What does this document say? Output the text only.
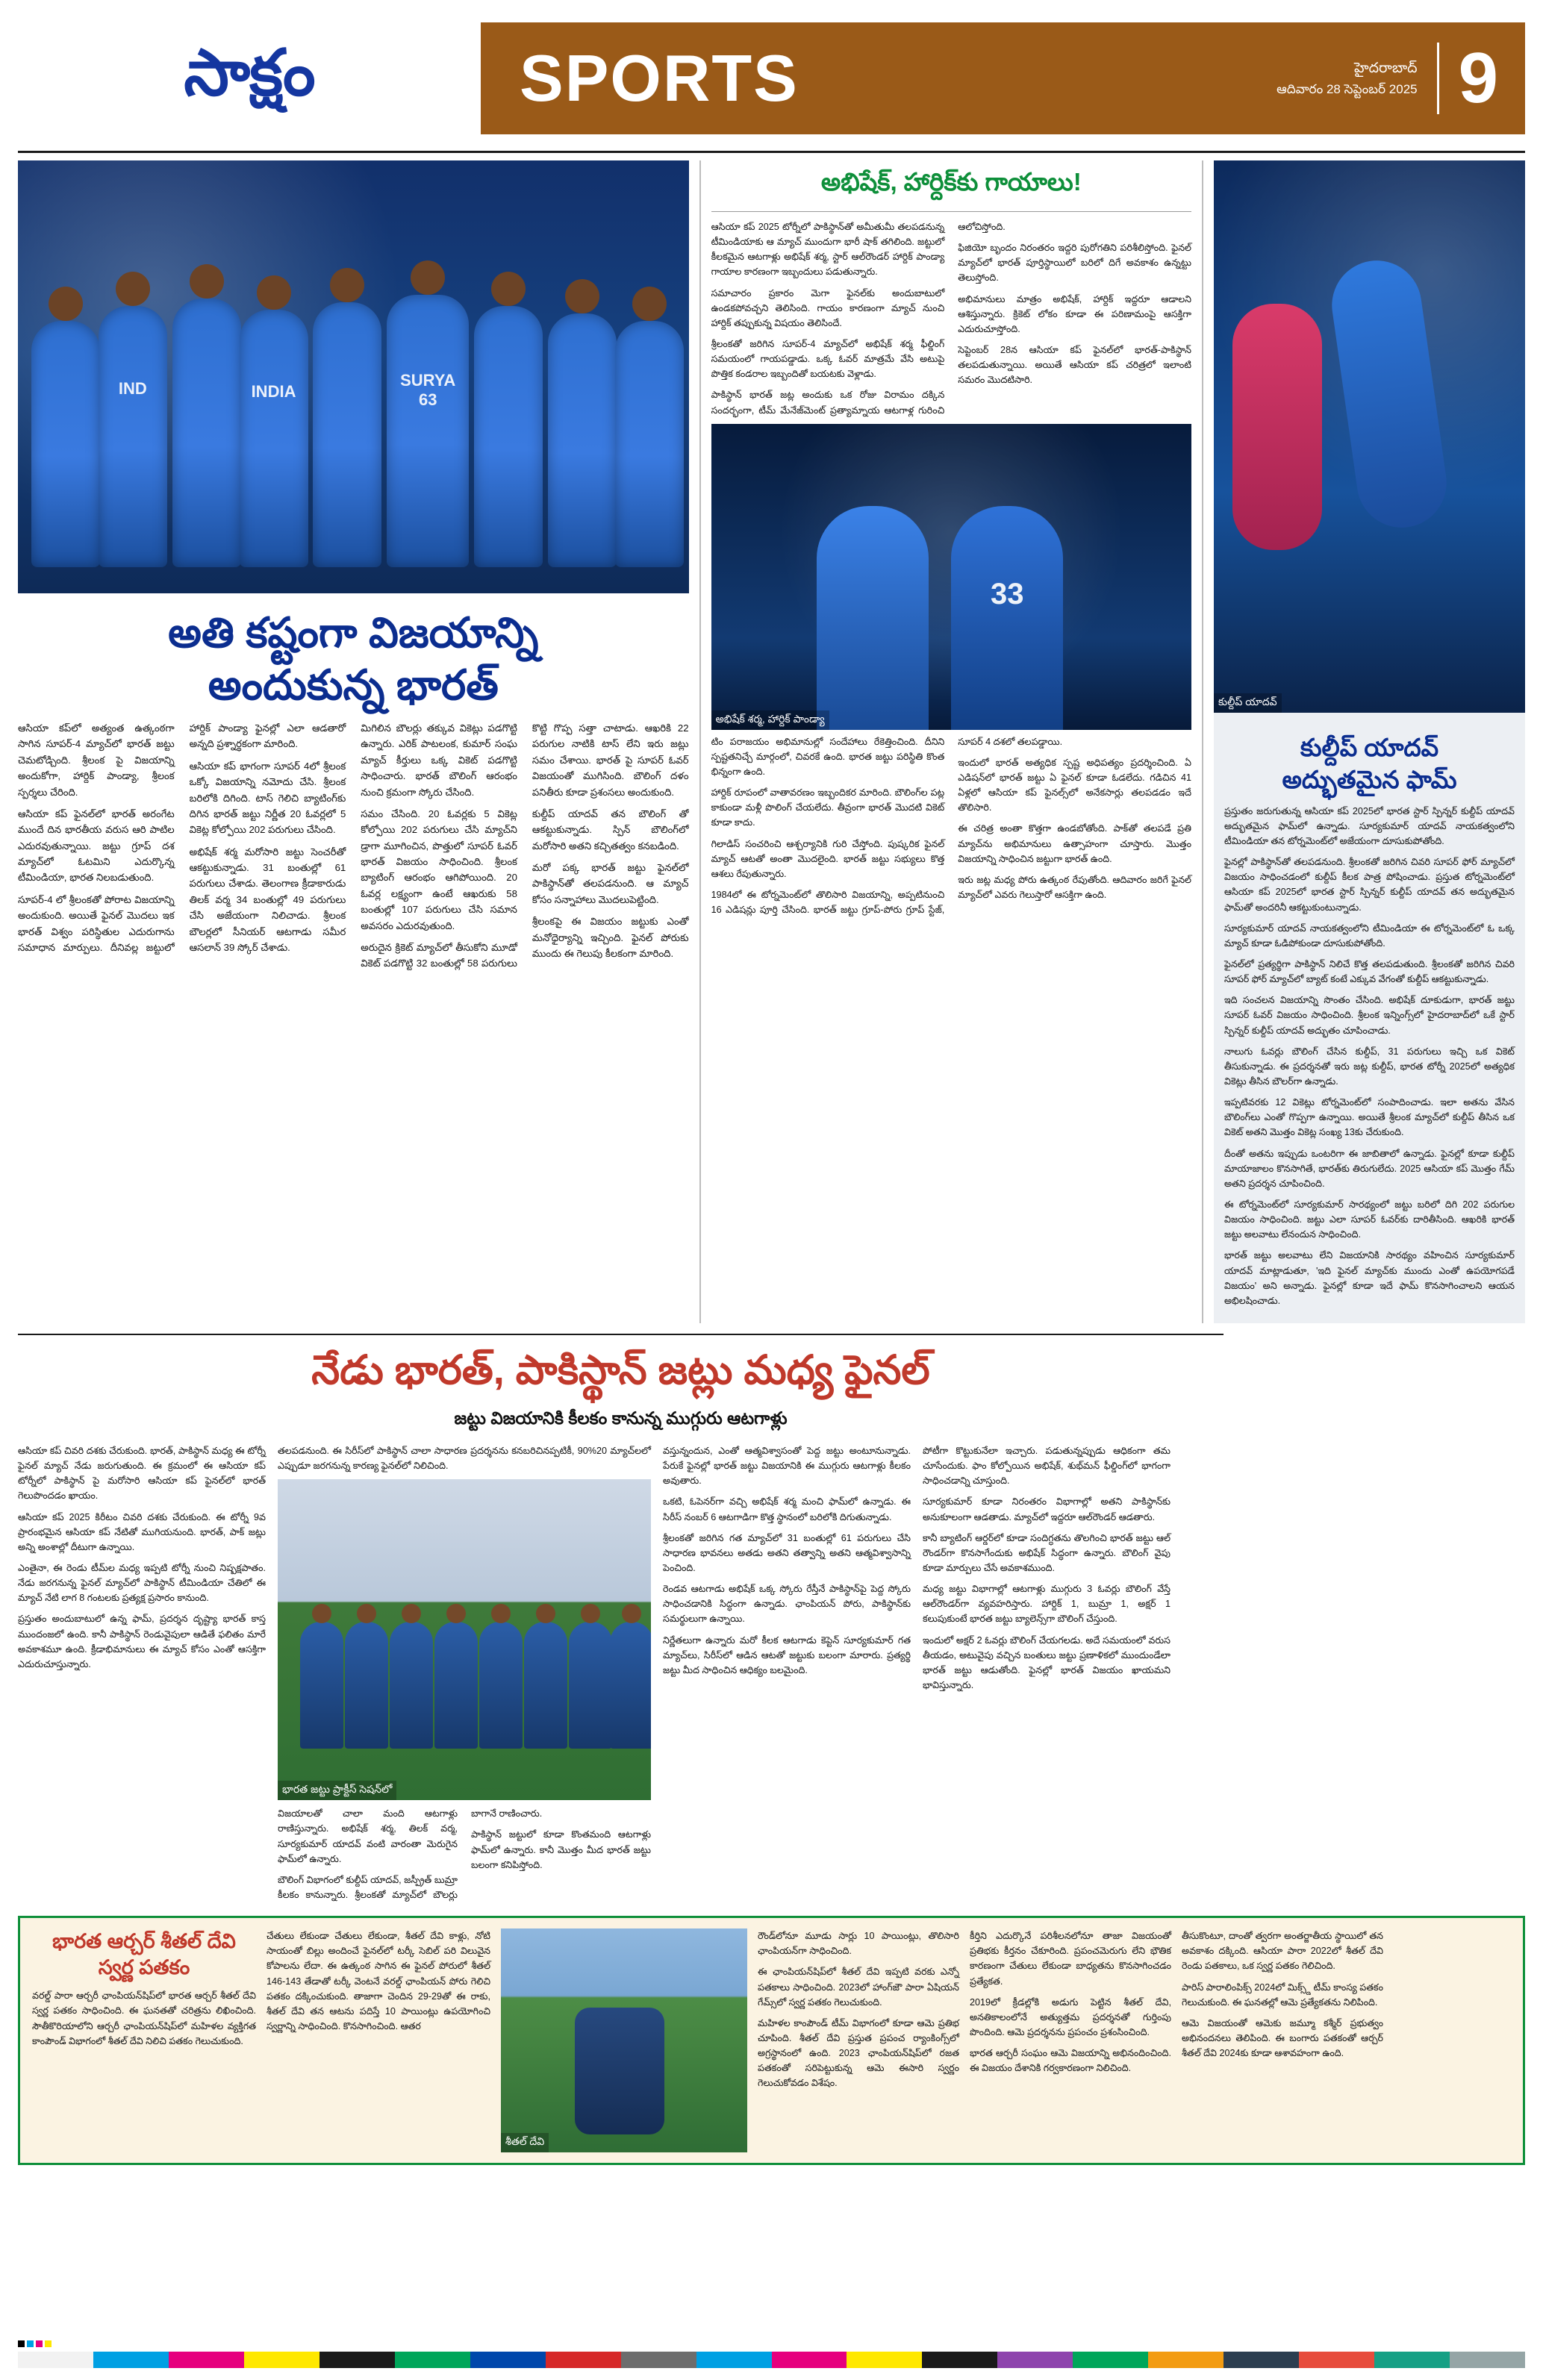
సాక్షం	SPORTS	హైదరాబాద్
ఆదివారం 28 సెప్టెంబర్ 2025 9
IND	INDIA
SURYA
63
అతి కష్టంగా విజయాన్ని
అందుకున్న భారత్

ఆసియా కప్‌లో అత్యంత ఉత్కంఠగా సాగిన సూపర్‌-4 మ్యాచ్‌లో భారత్ జట్టు చెమటోడ్చింది. శ్రీలంక పై విజయాన్ని అందుకోగా, హార్దిక్ పాండ్యా, శ్రీలంక స్పర్శలు చేరింది.

ఆసియా కప్ ఫైనల్‌లో భారత్ అరంగేట ముందే దిన భారతీయ వరుస ఆరి పాటిల ఎదురవుతున్నాయి. జట్టు గ్రూప్ దశ మ్యాచ్‌లో ఓటమిని ఎదుర్కొన్న టీమిండియా, భారత నిలబడుతుంది.

సూపర్‌-4 లో శ్రీలంకతో పోరాట విజయాన్ని అందుకుంది. అయితే ఫైనల్ మొదలు ఇక భారత్ విశ్వం పరిస్థితుల ఎదురుగాను సమాధాన మార్పులు. దీనివల్ల జట్టులో హార్దిక్ పాండ్యా ఫైనల్లో ఎలా ఆడతారో అన్నది ప్రశ్నార్థకంగా మారింది.

ఆసియా కప్ భాగంగా సూపర్‌ 4లో శ్రీలంక ఒక్కో విజయాన్ని నమోదు చేసి. శ్రీలంక బరిలోకి దిగింది. టాస్ గెలిచి బ్యాటింగ్‌కు దిగిన భారత్ జట్టు నిర్ణీత 20 ఓవర్లలో 5 వికెట్ల కోల్పోయి 202 పరుగులు చేసింది.

అభిషేక్ శర్మ మరోసారి జట్టు సెంచరీతో ఆకట్టుకున్నాడు. 31 బంతుల్లో 61 పరుగులు చేశాడు. తెలంగాణ క్రీడాకారుడు తిలక్ వర్మ 34 బంతుల్లో 49 పరుగులు చేసి అజేయంగా నిలిచాడు. శ్రీలంక బౌలర్లలో సీనియర్ ఆటగాడు సమీర ఆసలాన్ 39 స్కోర్ చేశాడు.

మిగిలిన బౌలర్లు తక్కువ వికెట్లు పడగొట్టి ఉన్నారు. ఎరిక్ పాటలంక, కుమార్ సంఘ మ్యాచ్ కీర్తులు ఒక్క వికెట్ పడగొట్టి సాధించారు. భారత్ బౌలింగ్ ఆరంభం నుంచి క్రమంగా స్కోరు చేసింది.

సమం చేసింది. 20 ఓవర్లకు 5 వికెట్ల కోల్పోయి 202 పరుగులు చేసి మ్యాచ్‌ని డ్రాగా మూగించిన, పొత్తులో సూపర్ ఓవర్ భారత్ విజయం సాధించింది. శ్రీలంక బ్యాటింగ్ ఆరంభం ఆగిపోయింది. 20 ఓవర్ల లక్ష్యంగా ఉంటే ఆఖరుకు 58 బంతుల్లో 107 పరుగులు చేసి సమాన అవసరం ఎదురవుతుంది.

అరుదైన క్రికెట్ మ్యాచ్‌లో తీసుకోని మూడో వికెట్ పడగొట్టి 32 బంతుల్లో 58 పరుగులు కొట్టి గొప్ప సత్తా చాటాడు. ఆఖరికి 22 పరుగుల నాటికి టాస్ లేని ఇరు జట్లు సమం చేశాయి. భారత్ పై సూపర్ ఓవర్ విజయంతో ముగిసింది. బౌలింగ్ దళం పనితీరు కూడా ప్రశంసలు అందుకుంది.

కుల్దీప్ యాదవ్ తన బౌలింగ్ తో ఆకట్టుకున్నాడు. స్పిన్ బౌలింగ్‌లో మరోసారి అతని కచ్చితత్వం కనబడింది.

మరో పక్క భారత్ జట్టు ఫైనల్‌లో పాకిస్థాన్‌తో తలపడనుంది. ఆ మ్యాచ్ కోసం సన్నాహాలు మొదలుపెట్టింది.

శ్రీలంకపై ఈ విజయం జట్టుకు ఎంతో మనోధైర్యాన్ని ఇచ్చింది. ఫైనల్ పోరుకు ముందు ఈ గెలుపు కీలకంగా మారింది.

అభిషేక్, హార్దిక్‌కు గాయాలు!

ఆసియా కప్ 2025 టోర్నీలో పాకిస్థాన్‌తో అమీతుమీ తలపడనున్న టీమిండియాకు ఆ మ్యాచ్ ముందుగా భారీ షాక్ తగిలింది. జట్టులో కీలకమైన ఆటగాళ్లు అభిషేక్ శర్మ, స్టార్ ఆల్‌రౌండర్ హార్దిక్ పాండ్యా గాయాల కారణంగా ఇబ్బందులు పడుతున్నారు.

సమాచారం ప్రకారం మెగా ఫైనల్‌కు అందుబాటులో ఉండకపోవచ్చని తెలిసింది. గాయం కారణంగా మ్యాచ్ నుంచి హార్దిక్ తప్పుకున్న విషయం తెలిసిందే.

శ్రీలంకతో జరిగిన సూపర్‌-4 మ్యాచ్‌లో అభిషేక్ శర్మ ఫీల్డింగ్ సమయంలో గాయపడ్డాడు. ఒక్క ఓవర్ మాత్రమే వేసి అటుపై పొత్తిక కండరాల ఇబ్బందితో బయటకు వెళ్లాడు.

పాకిస్థాన్ భారత్ జట్ల అందుకు ఒక రోజు విరామం దక్కిన సందర్భంగా, టీమ్ మేనేజ్‌మెంట్ ప్రత్యామ్నాయ ఆటగాళ్ల గురించి ఆలోచిస్తోంది.

ఫిజియో బృందం నిరంతరం ఇద్దరి పురోగతిని పరిశీలిస్తోంది. ఫైనల్ మ్యాచ్‌లో భారత్ పూర్తిస్థాయిలో బరిలో దిగే అవకాశం ఉన్నట్టు తెలుస్తోంది.

అభిమానులు మాత్రం అభిషేక్, హార్దిక్ ఇద్దరూ ఆడాలని ఆశిస్తున్నారు. క్రికెట్ లోకం కూడా ఈ పరిణామంపై ఆసక్తిగా ఎదురుచూస్తోంది.

సెప్టెంబర్ 28న ఆసియా కప్ ఫైనల్‌లో భారత్‌-పాకిస్థాన్ తలపడుతున్నాయి. అయితే ఆసియా కప్ చరిత్రలో ఇలాంటి సమరం మొదటిసారి.

33
అభిషేక్ శర్మ, హార్దిక్ పాండ్యా

టిం పరాజయం అభిమానుల్లో సందేహాలు రేకెత్తించింది. దీనిని స్పష్టతనిచ్చే మార్గంలో, చివరకే ఉంది. భారత జట్టు పరిస్థితి కొంత భిన్నంగా ఉంది.

హార్దిక్ రూపంలో వాతావరణం ఇబ్బందికర మారింది. బౌలింగ్‌ల పట్ల కాకుండా మళ్లీ పొలింగ్ చేయలేదు. తీవ్రంగా భారత్ మొదటి వికెట్ కూడా కాదు.

గిలాడిస్ సంచరించి ఆశ్చర్యానికి గురి చేస్తోంది. పుష్కరిక ఫైనల్ మ్యాచ్ ఆటతో అంతా మొదలైంది. భారత్ జట్టు సభ్యులు కొత్త ఆశలు రేపుతున్నారు.

1984లో ఈ టోర్నమెంట్‌లో తొలిసారి విజయాన్ని, అప్పటినుంచి 16 ఎడిషన్లు పూర్తి చేసింది. భారత్ జట్టు గ్రూప్-పోరు గ్రూప్ స్టేజ్, సూపర్ 4 దశలో తలపడ్డాయి.

ఇందులో భారత్ అత్యధిక స్పష్ట అధిపత్యం ప్రదర్శించింది. ఏ ఎడిషన్‌లో భారత్ జట్టు ఏ ఫైనల్ కూడా ఓడలేదు. గడిచిన 41 ఏళ్లలో ఆసియా కప్ ఫైనల్స్‌లో అనేకసార్లు తలపడడం ఇదే తొలిసారి.

ఈ చరిత్ర అంతా కొత్తగా ఉండబోతోంది. పాక్‌తో తలపడే ప్రతి మ్యాచ్‌ను అభిమానులు ఉత్సాహంగా చూస్తారు. మొత్తం విజయాన్ని సాధించిన జట్టుగా భారత్ ఉంది.

ఇరు జట్ల మధ్య పోరు ఉత్కంఠ రేపుతోంది. ఆదివారం జరిగే ఫైనల్ మ్యాచ్‌లో ఎవరు గెలుస్తారో ఆసక్తిగా ఉంది.

కుల్దీప్ యాదవ్
కుల్దీప్ యాదవ్
అద్భుతమైన ఫామ్

ప్రస్తుతం జరుగుతున్న ఆసియా కప్ 2025లో భారత స్టార్ స్పిన్నర్ కుల్దీప్ యాదవ్ అద్భుతమైన ఫామ్‌లో ఉన్నాడు. సూర్యకుమార్ యాదవ్ నాయకత్వంలోని టీమిండియా తన టోర్నమెంట్‌లో అజేయంగా దూసుకుపోతోంది.

ఫైనల్లో పాకిస్థాన్‌తో తలపడనుంది. శ్రీలంకతో జరిగిన చివరి సూపర్ ఫోర్ మ్యాచ్‌లో విజయం సాధించడంలో కుల్దీప్ కీలక పాత్ర పోషించాడు. ప్రస్తుత టోర్నమెంట్‌లో ఆసియా కప్ 2025లో భారత స్టార్ స్పిన్నర్ కుల్దీప్ యాదవ్ తన అద్భుతమైన ఫామ్‌తో అందరినీ ఆకట్టుకుంటున్నాడు.

సూర్యకుమార్ యాదవ్ నాయకత్వంలోని టీమిండియా ఈ టోర్నమెంట్‌లో ఓ ఒక్క మ్యాచ్ కూడా ఓడిపోకుండా దూసుకుపోతోంది.

ఫైనల్‌లో ప్రత్యర్థిగా పాకిస్థాన్ నిలిచే కొత్త తలపడుతుంది. శ్రీలంకతో జరిగిన చివరి సూపర్ ఫోర్ మ్యాచ్‌లో బ్యాట్ కంటే ఎక్కువ వేగంతో కుల్దీప్ ఆకట్టుకున్నాడు.

ఇది సంచలన విజయాన్ని సొంతం చేసింది. అభిషేక్ దూకుడుగా, భారత్ జట్టు సూపర్ ఓవర్ విజయం సాధించింది. శ్రీలంక ఇన్నింగ్స్‌లో హైదరాబాద్‌లో ఒకే స్టార్ స్పిన్నర్ కుల్దీప్ యాదవ్ అద్భుతం చూపించాడు.

నాలుగు ఓవర్లు బౌలింగ్ చేసిన కుల్దీప్, 31 పరుగులు ఇచ్చి ఒక వికెట్ తీసుకున్నాడు. ఈ ప్రదర్శనతో ఇరు జట్ల కుల్దీప్, భారత టోర్నీ 2025లో అత్యధిక వికెట్లు తీసిన బౌలర్‌గా ఉన్నాడు.

ఇప్పటివరకు 12 వికెట్లు టోర్నమెంట్‌లో సంపాదించాడు. ఇలా అతను వేసిన బౌలింగ్‌లు ఎంతో గొప్పగా ఉన్నాయి. అయితే శ్రీలంక మ్యాచ్‌లో కుల్దీప్ తీసిన ఒక వికెట్ అతని మొత్తం వికెట్ల సంఖ్య 13కు చేరుకుంది.

దీంతో అతను ఇప్పుడు ఒంటరిగా ఈ జాబితాలో ఉన్నాడు. ఫైనల్లో కూడా కుల్దీప్ మాయాజాలం కొనసాగితే, భారత్‌కు తిరుగులేదు. 2025 ఆసియా కప్ మొత్తం గేమ్ అతని ప్రదర్శన చూపించింది.

ఈ టోర్నమెంట్‌లో సూర్యకుమార్ సారథ్యంలో జట్టు బరిలో దిగి 202 పరుగుల విజయం సాధించింది. జట్టు ఎలా సూపర్ ఓవర్‌కు దారితీసింది. ఆఖరికి భారత్ జట్టు అలవాటు లేనందున సాధించింది.

భారత్ జట్టు అలవాటు లేని విజయానికి సారథ్యం వహించిన సూర్యకుమార్ యాదవ్ మాట్లాడుతూ, 'ఇది ఫైనల్ మ్యాచ్‌కు ముందు ఎంతో ఉపయోగపడే విజయం' అని అన్నాడు. ఫైనల్లో కూడా ఇదే ఫామ్ కొనసాగించాలని ఆయన అభిలషించాడు.

నేడు భారత్, పాకిస్థాన్ జట్లు మధ్య ఫైనల్
జట్టు విజయానికి కీలకం కానున్న ముగ్గురు ఆటగాళ్లు

ఆసియా కప్ చివరి దశకు చేరుకుంది. భారత్, పాకిస్థాన్ మధ్య ఈ టోర్నీ ఫైనల్ మ్యాచ్ నేడు జరుగుతుంది. ఈ క్రమంలో ఈ ఆసియా కప్ టోర్నీలో పాకిస్థాన్ పై మరోసారి ఆసియా కప్ ఫైనల్‌లో భారత్ గెలుపొందడం ఖాయం.

ఆసియా కప్ 2025 కిరీటం చివరి దశకు చేరుకుంది. ఈ టోర్నీ 9వ ప్రారంభమైన ఆసియా కప్ నేటితో ముగియనుంది. భారత్, పాక్ జట్లు అన్ని అంశాల్లో దీటుగా ఉన్నాయి.

ఎంతైనా, ఈ రెండు టీమ్‌ల మధ్య ఇప్పటి టోర్నీ నుంచి నిష్పక్షపాతం. నేడు జరగనున్న ఫైనల్ మ్యాచ్‌లో పాకిస్థాన్ టీమిండియా చేతిలో ఈ మ్యాచ్ నేటి లాగ 8 గంటలకు ప్రత్యక్ష ప్రసారం కానుంది.

ప్రస్తుతం అందుబాటులో ఉన్న ఫామ్, ప్రదర్శన దృష్ట్యా భారత్ కాస్త ముందంజలో ఉంది. కానీ పాకిస్థాన్ రెండువైపులా ఆడితే ఫలితం మారే అవకాశమూ ఉంది. క్రీడాభిమానులు ఈ మ్యాచ్ కోసం ఎంతో ఆసక్తిగా ఎదురుచూస్తున్నారు.

తలపడనుంది. ఈ సిరీస్‌లో పాకిస్థాన్ చాలా సాధారణ ప్రదర్శనను కనబరిచినప్పటికీ, 90%20 మ్యాచ్‌లలో ఎప్పుడూ జరగనున్న కారణ్య ఫైనల్‌లో నిలిచింది.

భారత జట్టు ప్రాక్టీస్ సెషన్‌లో

విజయాలతో చాలా మంది ఆటగాళ్లు రాణిస్తున్నారు. అభిషేక్ శర్మ, తిలక్ వర్మ, సూర్యకుమార్ యాదవ్ వంటి వారంతా మెరుగైన ఫామ్‌లో ఉన్నారు.

బౌలింగ్ విభాగంలో కుల్దీప్ యాదవ్, జస్ప్రీత్ బుమ్రా కీలకం కానున్నారు. శ్రీలంకతో మ్యాచ్‌లో బౌలర్లు బాగానే రాణించారు.

పాకిస్థాన్ జట్టులో కూడా కొంతమంది ఆటగాళ్లు ఫామ్‌లో ఉన్నారు. కానీ మొత్తం మీద భారత్ జట్టు బలంగా కనిపిస్తోంది.

వస్తున్నందున, ఎంతో ఆత్మవిశ్వాసంతో పెద్ద జట్టు అంటూనున్నాడు. పేరుకే ఫైనల్లో భారత్ జట్టు విజయానికి ఈ ముగ్గురు ఆటగాళ్లు కీలకం అవుతారు.

ఒకటి, ఓపెనర్‌గా వచ్చి అభిషేక్ శర్మ మంచి ఫామ్‌లో ఉన్నాడు. ఈ సిరీస్ నంబర్ 6 ఆటగాడిగా కొత్త స్థానంలో బరిలోకి దిగుతున్నాడు.

శ్రీలంకతో జరిగిన గత మ్యాచ్‌లో 31 బంతుల్లో 61 పరుగులు చేసి సాధారణ భావనలు అతడు అతని తత్వాన్ని అతని ఆత్మవిశ్వాసాన్ని పెంచింది.

రెండవ ఆటగాడు అభిషేక్ ఒక్క స్కోరు రేస్తీనే పాకిస్థాన్‌పై పెద్ద స్కోరు సాధించడానికి సిద్ధంగా ఉన్నాడు. ఛాంపియన్ పోరు, పాకిస్థాన్‌కు సమర్థులుగా ఉన్నాయి.

నిర్ణేతలుగా ఉన్నారు మరో కీలక ఆటగాడు కెప్టెన్ సూర్యకుమార్ గత మ్యాచ్‌లు, సిరీస్‌లో ఆడిన ఆటతో జట్టుకు బలంగా మారారు. ప్రత్యర్థి జట్టు మీద సాధించిన ఆధిక్యం బలమైంది.

పోటీగా కొట్టుకునేలా ఇచ్చారు. పడుతున్నప్పుడు ఆధికంగా తమ చూసేందుకు. ఫాం కోల్పోయిన అభిషేక్, శుభ్‌మన్ ఫీల్డింగ్‌లో భాగంగా సాధించడాన్ని చూస్తుంది.

సూర్యకుమార్ కూడా నిరంతరం విభాగాల్లో అతని పాకిస్థాన్‌కు అనుకూలంగా ఆడతాడు. మ్యాచ్‌లో ఇద్దరూ ఆల్‌రౌండర్ ఆడతారు.

కానీ బ్యాటింగ్ ఆర్డర్‌లో కూడా సందిగ్ధతను తొలగించి భారత్ జట్టు ఆల్ రౌండర్‌గా కొనసాగేందుకు అభిషేక్ సిద్ధంగా ఉన్నారు. బౌలింగ్ వైపు కూడా మార్పులు చేసే అవకాశముంది.

మధ్య జట్టు విభాగాల్లో ఆటగాళ్లు ముగ్గురు 3 ఓవర్లు బౌలింగ్ వేస్తే ఆల్‌రౌండర్‌గా వ్యవహరిస్తారు. హార్దిక్ 1, బుమ్రా 1, అక్షర్ 1 కలుపుకుంటే భారత జట్టు బ్యాలెన్స్‌గా బౌలింగ్ చేస్తుంది.

ఇందులో అక్షర్ 2 ఓవర్లు బౌలింగ్ చేయగలడు. అదే సమయంలో వరుస తీయడం, అటువైపు వచ్చిన బంతులు జట్టు ప్రణాళికలో ముందుండేలా భారత్ జట్టు ఆడుతోంది. ఫైనల్లో భారత్ విజయం ఖాయమని భావిస్తున్నారు.

భారత ఆర్చర్ శీతల్ దేవి
స్వర్ణ పతకం

వరల్డ్ పారా ఆర్చరీ ఛాంపియన్‌షిప్‌లో భారత ఆర్చర్ శీతల్ దేవి స్వర్ణ పతకం సాధించింది. ఈ ఘనతతో చరిత్రను లిఖించింది. సౌతీకొరియాలోని ఆర్చరీ ఛాంపియన్‌షిప్‌లో మహిళల వ్యక్తిగత కాంపౌండ్ విభాగంలో శీతల్ దేవి నిలిచి పతకం గెలుచుకుంది.

చేతులు లేకుండా చేతులు లేకుండా, శీతల్ దేవి కాళ్లు, నోటి సాయంతో బిల్లు అందించే ఫైనల్‌లో టర్కీ సెబిల్ పరి విలువైన కోపాలను లేదా. ఈ ఉత్కంఠ సాగిన ఈ ఫైనల్ పోరులో శీతల్ 146-143 తేడాతో టర్కీ వెంటనే వరల్డ్ ఛాంపియన్ పోరు గెలిచి పతకం దక్కించుకుంది. తాజాగా చెందిన 29-29తో ఈ రాకు, శీతల్ దేవి తన ఆటను పదిస్తే 10 పాయింట్లు ఉపయోగించి స్వర్ణాన్ని సాధించింది. కొనసాగించింది. ఆతర

శీతల్ దేవి

రౌండ్‌లోనూ మూడు సార్లు 10 పాయింట్లు, తొలిసారి ఛాంపియన్‌గా సాధించింది.

ఈ ఛాంపియన్‌షిప్‌లో శీతల్ దేవి ఇప్పటి వరకు ఎన్నో పతకాలు సాధించింది. 2023లో హాంగ్‌జౌ పారా ఏషియన్ గేమ్స్‌లో స్వర్ణ పతకం గెలుచుకుంది.

మహిళల కాంపౌండ్ టీమ్ విభాగంలో కూడా ఆమె ప్రతిభ చూపింది. శీతల్ దేవి ప్రస్తుత ప్రపంచ ర్యాంకింగ్స్‌లో అగ్రస్థానంలో ఉంది. 2023 ఛాంపియన్‌షిప్‌లో రజత పతకంతో సరిపెట్టుకున్న ఆమె ఈసారి స్వర్ణం గెలుచుకోవడం విశేషం.

కీర్తిని ఎదుర్కొనే పరిశీలనలోనూ తాజా విజయంతో ప్రతిభకు కీర్తనం చేకూరింది. ప్రపంచమెరుగు లేని భౌతిక కారణంగా చేతులు లేకుండా బాధ్యతను కొనసాగించడం ప్రత్యేకత.

2019లో క్రీడల్లోకి అడుగు పెట్టిన శీతల్ దేవి, అనతికాలంలోనే అత్యుత్తమ ప్రదర్శనతో గుర్తింపు పొందింది. ఆమె ప్రదర్శనను ప్రపంచం ప్రశంసించింది.

భారత ఆర్చరీ సంఘం ఆమె విజయాన్ని అభినందించింది. ఈ విజయం దేశానికి గర్వకారణంగా నిలిచింది.

తీసుకొంటూ, దాంతో త్వరగా అంతర్జాతీయ స్థాయిలో తన అవకాశం దక్కింది. ఆసియా పారా 2022లో శీతల్ దేవి రెండు పతకాలు, ఒక స్వర్ణ పతకం గెలిచింది.

పారిస్ పారాలింపిక్స్ 2024లో మిక్స్డ్ టీమ్ కాంస్య పతకం గెలుచుకుంది. ఈ ఘనతల్లో ఆమె ప్రత్యేకతను నిలిపింది.

ఆమె విజయంతో ఆమెకు జమ్మూ కశ్మీర్ ప్రభుత్వం అభినందనలు తెలిపింది. ఈ బంగారు పతకంతో ఆర్చర్ శీతల్ దేవి 2024కు కూడా ఆశావహంగా ఉంది.
